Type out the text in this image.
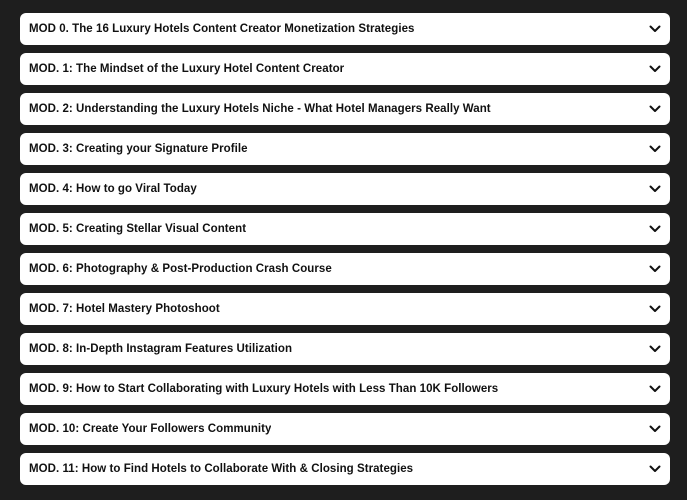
MOD 0. The 16 Luxury Hotels Content Creator Monetization Strategies
MOD. 1: The Mindset of the Luxury Hotel Content Creator
MOD. 2: Understanding the Luxury Hotels Niche - What Hotel Managers Really Want
MOD. 3: Creating your Signature Profile
MOD. 4: How to go Viral Today
MOD. 5: Creating Stellar Visual Content
MOD. 6: Photography & Post-Production Crash Course
MOD. 7: Hotel Mastery Photoshoot
MOD. 8: In-Depth Instagram Features Utilization
MOD. 9: How to Start Collaborating with Luxury Hotels with Less Than 10K Followers
MOD. 10: Create Your Followers Community
MOD. 11: How to Find Hotels to Collaborate With & Closing Strategies
